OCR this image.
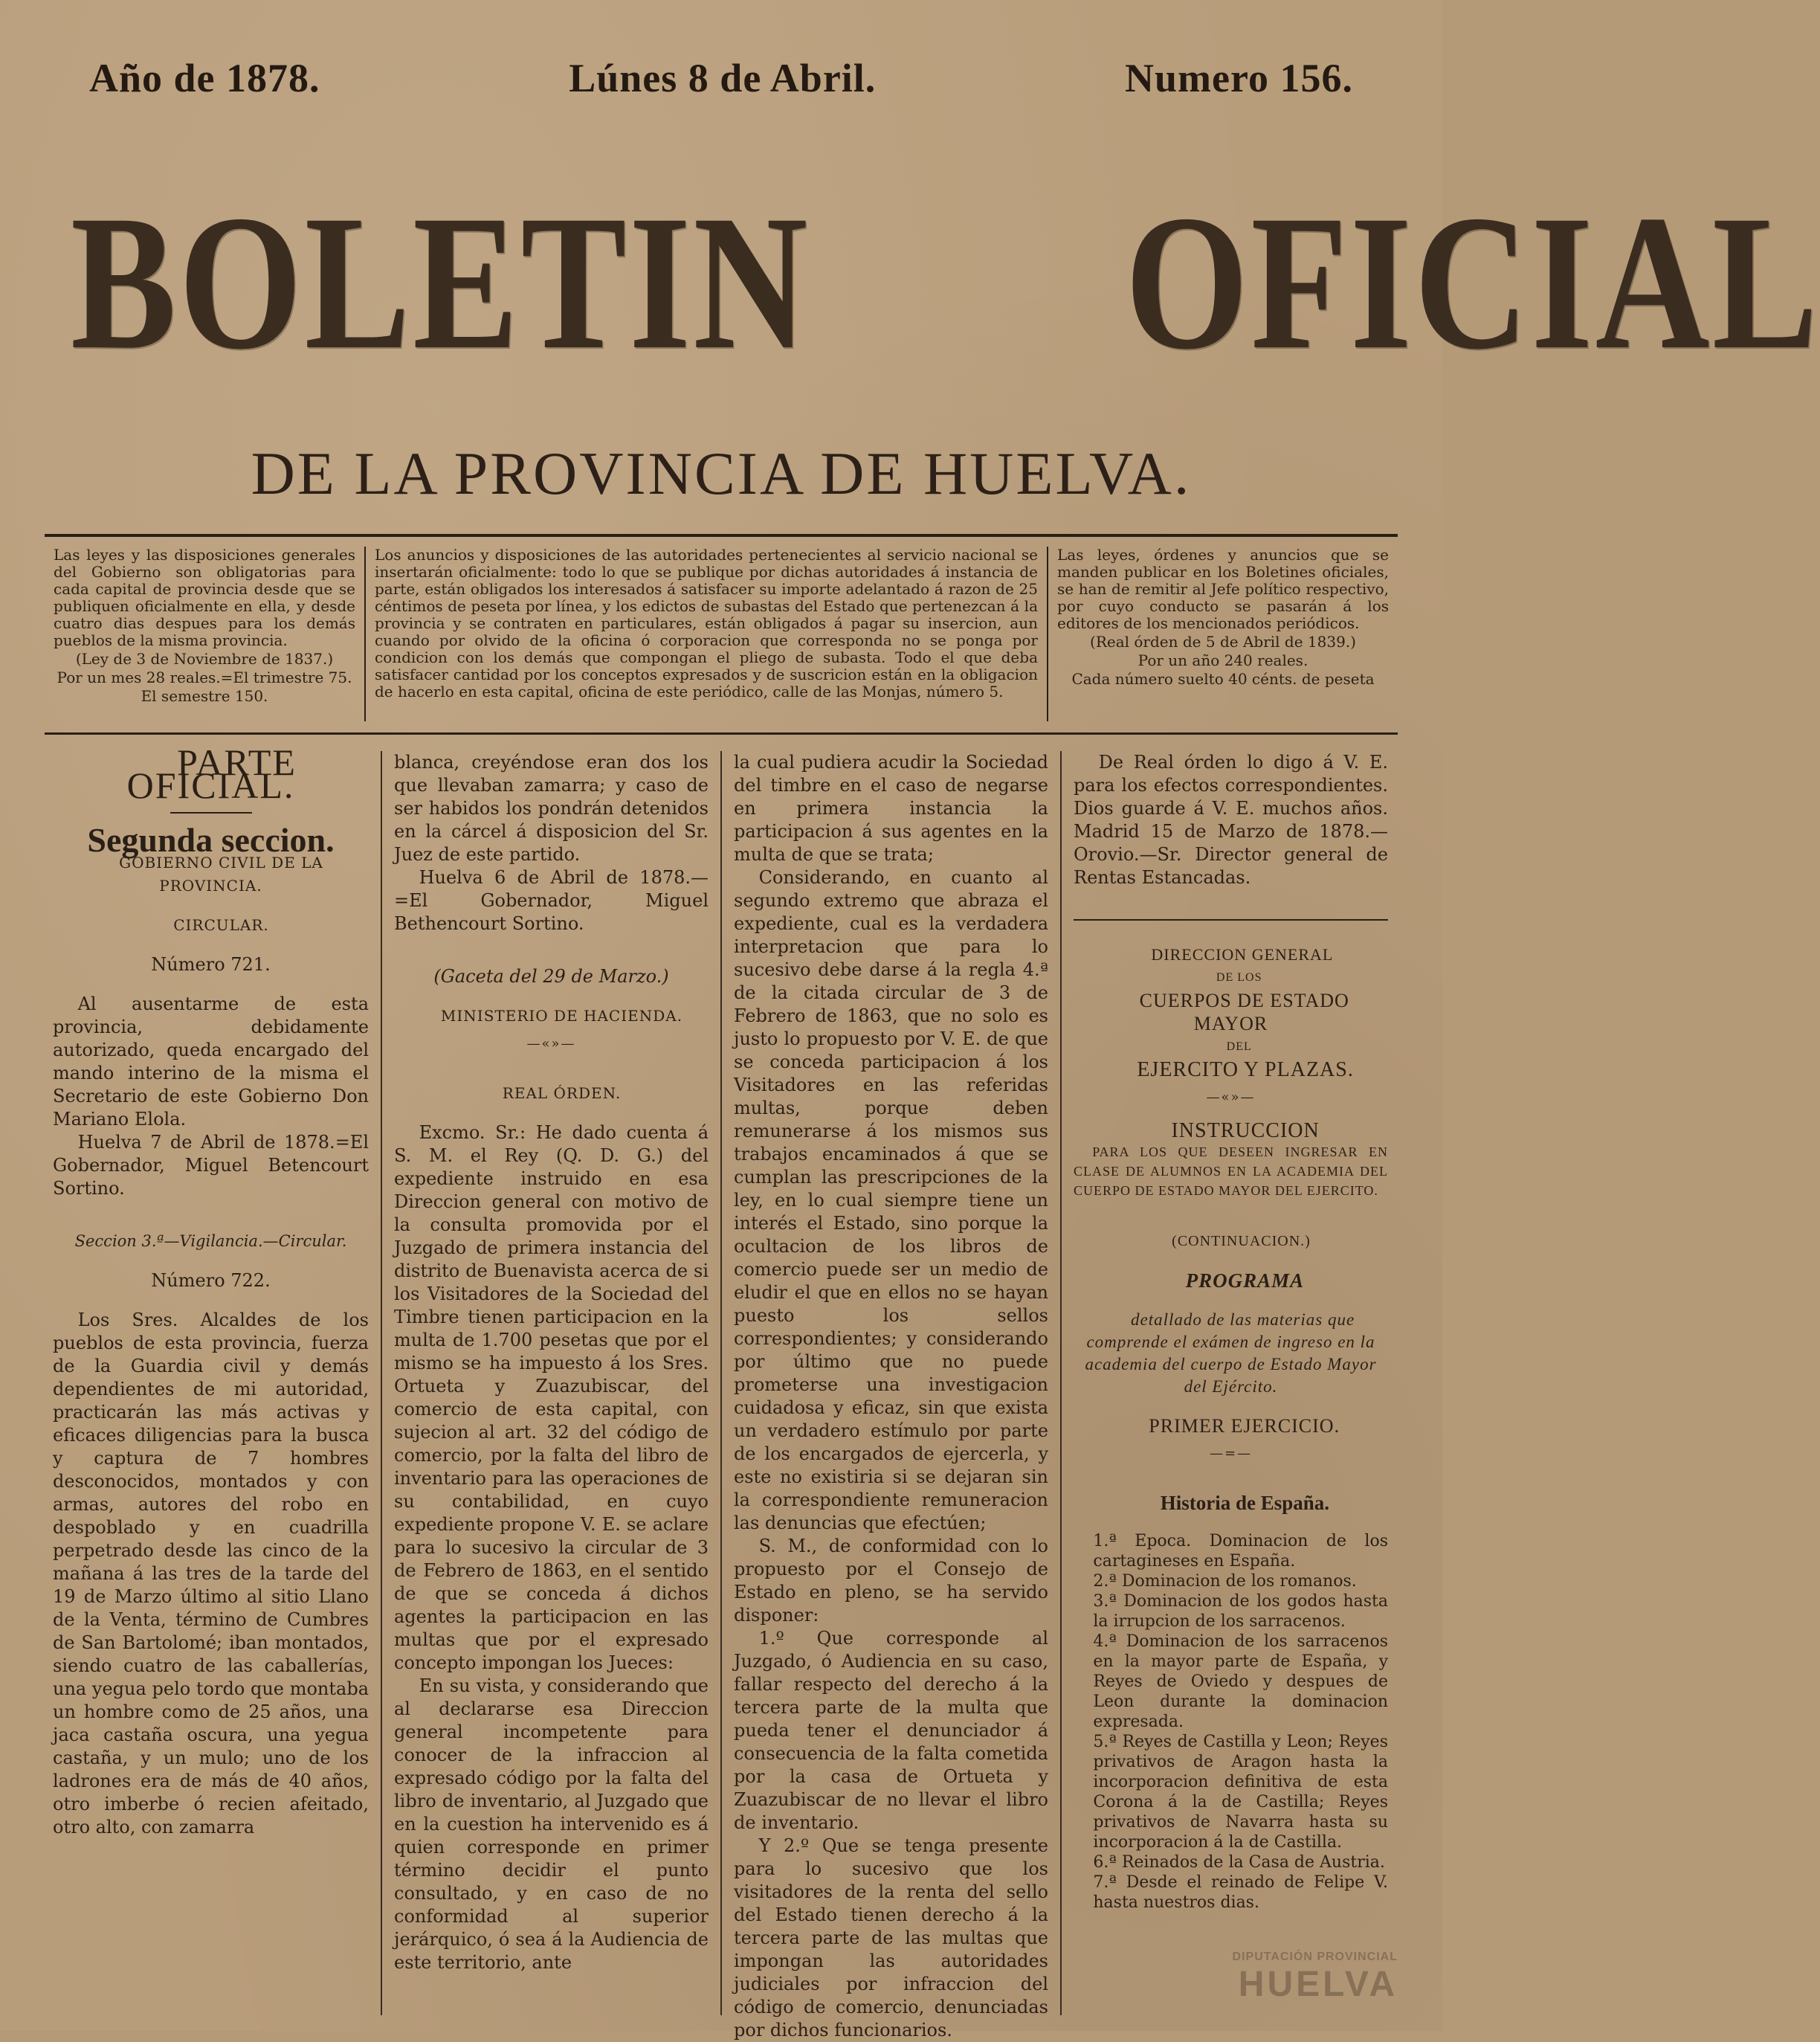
Año de 1878.	Lúnes 8 de Abril.	Numero 156.
BOLETIN OFICIAL
DE LA PROVINCIA DE HUELVA.

Las leyes y las disposiciones generales del Gobierno son obligatorias para cada capital de provincia desde que se publiquen oficialmente en ella, y desde cuatro dias despues para los demás pueblos de la misma provincia.

(Ley de 3 de Noviembre de 1837.)

Por un mes 28 reales.=El trimestre 75.

El semestre 150.

Los anuncios y disposiciones de las autoridades pertenecientes al servicio nacional se insertarán oficialmente: todo lo que se publique por dichas autoridades á instancia de parte, están obligados los interesados á satisfacer su importe adelantado á razon de 25 céntimos de peseta por línea, y los edictos de subastas del Estado que pertenezcan á la provincia y se contraten en particulares, están obligados á pagar su insercion, aun cuando por olvido de la oficina ó corporacion que corresponda no se ponga por condicion con los demás que compongan el pliego de subasta. Todo el que deba satisfacer cantidad por los conceptos expresados y de suscricion están en la obligacion de hacerlo en esta capital, oficina de este periódico, calle de las Monjas, número 5.

Las leyes, órdenes y anuncios que se manden publicar en los Boletines oficiales, se han de remitir al Jefe político respectivo, por cuyo conducto se pasarán á los editores de los mencionados periódicos.

(Real órden de 5 de Abril de 1839.)

Por un año 240 reales.

Cada número suelto 40 cénts. de peseta

PARTE OFICIAL.

Segunda seccion.

GOBIERNO CIVIL DE LA PROVINCIA.

CIRCULAR.

Número 721.

Al ausentarme de esta provincia, debidamente autorizado, queda encargado del mando interino de la misma el Secretario de este Gobierno Don Mariano Elola.

Huelva 7 de Abril de 1878.=El Gobernador, Miguel Betencourt Sortino.

Seccion 3.ª—Vigilancia.—Circular.

Número 722.

Los Sres. Alcaldes de los pueblos de esta provincia, fuerza de la Guardia civil y demás dependientes de mi autoridad, practicarán las más activas y eficaces diligencias para la busca y captura de 7 hombres desconocidos, montados y con armas, autores del robo en despoblado y en cuadrilla perpetrado desde las cinco de la mañana á las tres de la tarde del 19 de Marzo último al sitio Llano de la Venta, término de Cumbres de San Bartolomé; iban montados, siendo cuatro de las caballerías, una yegua pelo tordo que montaba un hombre como de 25 años, una jaca castaña oscura, una yegua castaña, y un mulo; uno de los ladrones era de más de 40 años, otro imberbe ó recien afeitado, otro alto, con zamarra

blanca, creyéndose eran dos los que llevaban zamarra; y caso de ser habidos los pondrán detenidos en la cárcel á disposicion del Sr. Juez de este partido.

Huelva 6 de Abril de 1878.—=El Gobernador, Miguel Bethencourt Sortino.

(Gaceta del 29 de Marzo.)

MINISTERIO DE HACIENDA.

—«»—

REAL ÓRDEN.

Excmo. Sr.: He dado cuenta á S. M. el Rey (Q. D. G.) del expediente instruido en esa Direccion general con motivo de la consulta promovida por el Juzgado de primera instancia del distrito de Buenavista acerca de si los Visitadores de la Sociedad del Timbre tienen participacion en la multa de 1.700 pesetas que por el mismo se ha impuesto á los Sres. Ortueta y Zuazubiscar, del comercio de esta capital, con sujecion al art. 32 del código de comercio, por la falta del libro de inventario para las operaciones de su contabilidad, en cuyo expediente propone V. E. se aclare para lo sucesivo la circular de 3 de Febrero de 1863, en el sentido de que se conceda á dichos agentes la participacion en las multas que por el expresado concepto impongan los Jueces:

En su vista, y considerando que al declararse esa Direccion general incompetente para conocer de la infraccion al expresado código por la falta del libro de inventario, al Juzgado que en la cuestion ha intervenido es á quien corresponde en primer término decidir el punto consultado, y en caso de no conformidad al superior jerárquico, ó sea á la Audiencia de este territorio, ante

la cual pudiera acudir la Sociedad del timbre en el caso de negarse en primera instancia la participacion á sus agentes en la multa de que se trata;

Considerando, en cuanto al segundo extremo que abraza el expediente, cual es la verdadera interpretacion que para lo sucesivo debe darse á la regla 4.ª de la citada circular de 3 de Febrero de 1863, que no solo es justo lo propuesto por V. E. de que se conceda participacion á los Visitadores en las referidas multas, porque deben remunerarse á los mismos sus trabajos encaminados á que se cumplan las prescripciones de la ley, en lo cual siempre tiene un interés el Estado, sino porque la ocultacion de los libros de comercio puede ser un medio de eludir el que en ellos no se hayan puesto los sellos correspondientes; y considerando por último que no puede prometerse una investigacion cuidadosa y eficaz, sin que exista un verdadero estímulo por parte de los encargados de ejercerla, y este no existiria si se dejaran sin la correspondiente remuneracion las denuncias que efectúen;

S. M., de conformidad con lo propuesto por el Consejo de Estado en pleno, se ha servido disponer:

1.º Que corresponde al Juzgado, ó Audiencia en su caso, fallar respecto del derecho á la tercera parte de la multa que pueda tener el denunciador á consecuencia de la falta cometida por la casa de Ortueta y Zuazubiscar de no llevar el libro de inventario.

Y 2.º Que se tenga presente para lo sucesivo que los visitadores de la renta del sello del Estado tienen derecho á la tercera parte de las multas que impongan las autoridades judiciales por infraccion del código de comercio, denunciadas por dichos funcionarios.

De Real órden lo digo á V. E. para los efectos correspondientes. Dios guarde á V. E. muchos años. Madrid 15 de Marzo de 1878.—Orovio.—Sr. Director general de Rentas Estancadas.

DIRECCION GENERAL

DE LOS

CUERPOS DE ESTADO MAYOR

DEL

EJERCITO Y PLAZAS.

—«»—

INSTRUCCION

PARA LOS QUE DESEEN INGRESAR EN CLASE DE ALUMNOS EN LA ACADEMIA DEL CUERPO DE ESTADO MAYOR DEL EJERCITO.

(CONTINUACION.)

PROGRAMA

detallado de las materias que comprende el exámen de ingreso en la academia del cuerpo de Estado Mayor del Ejército.

PRIMER EJERCICIO.

—=—

Historia de España.

1.ª Epoca. Dominacion de los cartagineses en España.

2.ª Dominacion de los romanos.

3.ª Dominacion de los godos hasta la irrupcion de los sarracenos.

4.ª Dominacion de los sarracenos en la mayor parte de España, y Reyes de Oviedo y despues de Leon durante la dominacion expresada.

5.ª Reyes de Castilla y Leon; Reyes privativos de Aragon hasta la incorporacion definitiva de esta Corona á la de Castilla; Reyes privativos de Navarra hasta su incorporacion á la de Castilla.

6.ª Reinados de la Casa de Austria.

7.ª Desde el reinado de Felipe V. hasta nuestros dias.

DIPUTACIÓN PROVINCIAL
HUELVA
